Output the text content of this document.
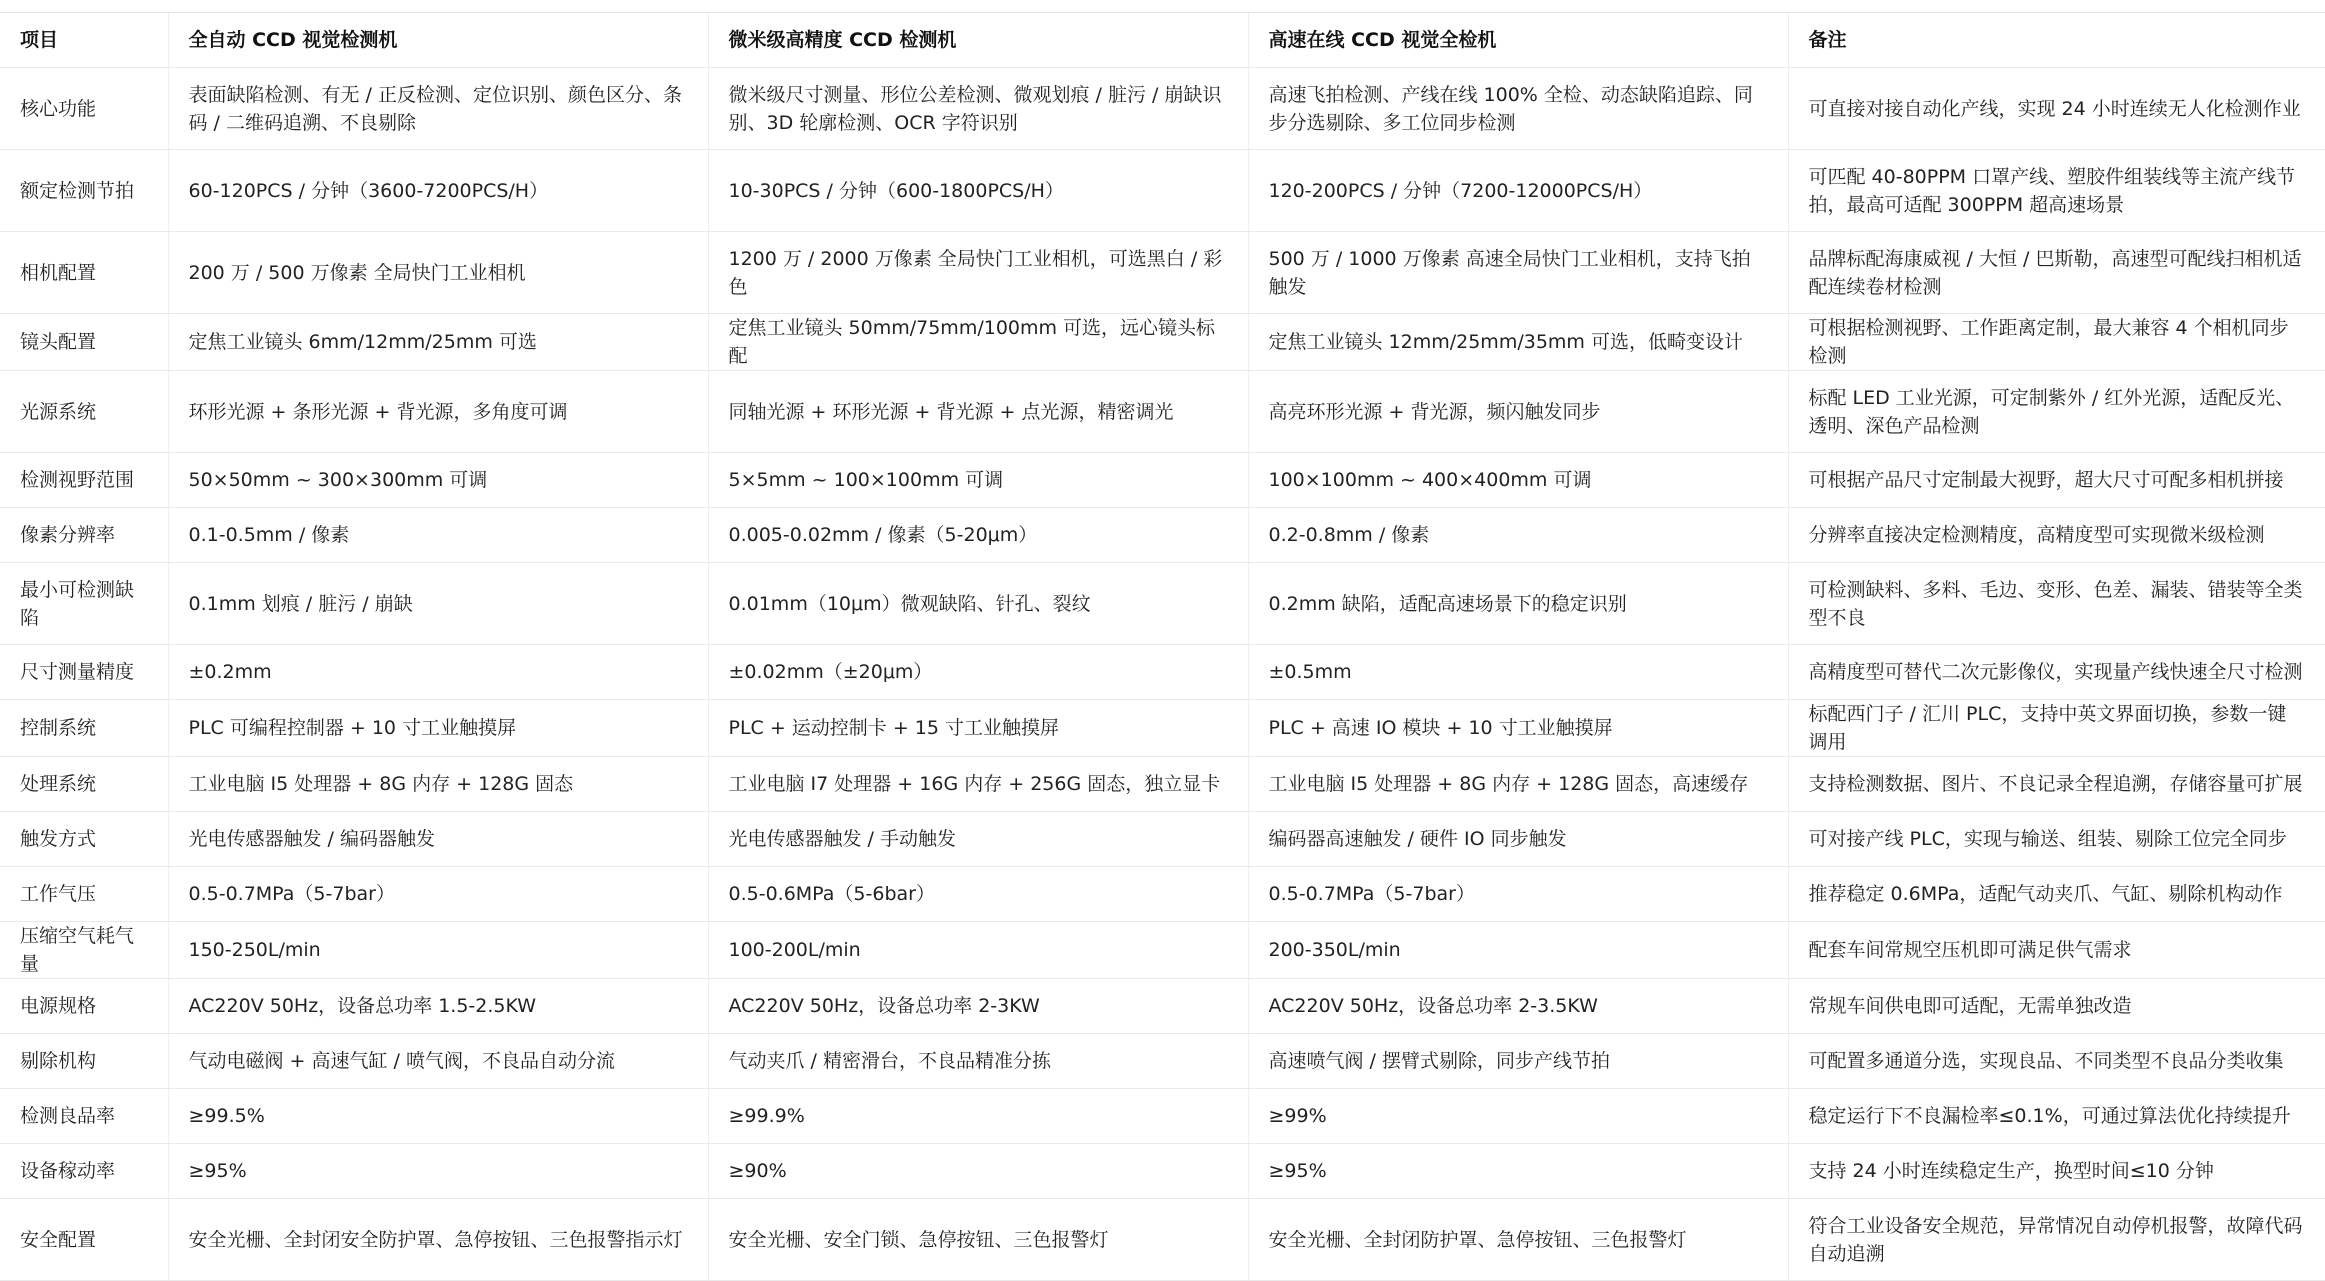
项目	全自动 CCD 视觉检测机	微米级高精度 CCD 检测机	高速在线 CCD 视觉全检机	备注
核心功能	表面缺陷检测、有无 / 正反检测、定位识别、颜色区分、条码 / 二维码追溯、不良剔除	微米级尺寸测量、形位公差检测、微观划痕 / 脏污 / 崩缺识别、3D 轮廓检测、OCR 字符识别	高速飞拍检测、产线在线 100% 全检、动态缺陷追踪、同步分选剔除、多工位同步检测	可直接对接自动化产线，实现 24 小时连续无人化检测作业
额定检测节拍	60-120PCS / 分钟（3600-7200PCS/H）	10-30PCS / 分钟（600-1800PCS/H）	120-200PCS / 分钟（7200-12000PCS/H）	可匹配 40-80PPM 口罩产线、塑胶件组装线等主流产线节拍，最高可适配 300PPM 超高速场景
相机配置	200 万 / 500 万像素 全局快门工业相机	1200 万 / 2000 万像素 全局快门工业相机，可选黑白 / 彩色	500 万 / 1000 万像素 高速全局快门工业相机，支持飞拍触发	品牌标配海康威视 / 大恒 / 巴斯勒，高速型可配线扫相机适配连续卷材检测
镜头配置	定焦工业镜头 6mm/12mm/25mm 可选	定焦工业镜头 50mm/75mm/100mm 可选，远心镜头标配	定焦工业镜头 12mm/25mm/35mm 可选，低畸变设计	可根据检测视野、工作距离定制，最大兼容 4 个相机同步检测
光源系统	环形光源 + 条形光源 + 背光源，多角度可调	同轴光源 + 环形光源 + 背光源 + 点光源，精密调光	高亮环形光源 + 背光源，频闪触发同步	标配 LED 工业光源，可定制紫外 / 红外光源，适配反光、透明、深色产品检测
检测视野范围	50×50mm ~ 300×300mm 可调	5×5mm ~ 100×100mm 可调	100×100mm ~ 400×400mm 可调	可根据产品尺寸定制最大视野，超大尺寸可配多相机拼接
像素分辨率	0.1-0.5mm / 像素	0.005-0.02mm / 像素（5-20μm）	0.2-0.8mm / 像素	分辨率直接决定检测精度，高精度型可实现微米级检测
最小可检测缺陷	0.1mm 划痕 / 脏污 / 崩缺	0.01mm（10μm）微观缺陷、针孔、裂纹	0.2mm 缺陷，适配高速场景下的稳定识别	可检测缺料、多料、毛边、变形、色差、漏装、错装等全类型不良
尺寸测量精度	±0.2mm	±0.02mm（±20μm）	±0.5mm	高精度型可替代二次元影像仪，实现量产线快速全尺寸检测
控制系统	PLC 可编程控制器 + 10 寸工业触摸屏	PLC + 运动控制卡 + 15 寸工业触摸屏	PLC + 高速 IO 模块 + 10 寸工业触摸屏	标配西门子 / 汇川 PLC，支持中英文界面切换，参数一键调用
处理系统	工业电脑 I5 处理器 + 8G 内存 + 128G 固态	工业电脑 I7 处理器 + 16G 内存 + 256G 固态，独立显卡	工业电脑 I5 处理器 + 8G 内存 + 128G 固态，高速缓存	支持检测数据、图片、不良记录全程追溯，存储容量可扩展
触发方式	光电传感器触发 / 编码器触发	光电传感器触发 / 手动触发	编码器高速触发 / 硬件 IO 同步触发	可对接产线 PLC，实现与输送、组装、剔除工位完全同步
工作气压	0.5-0.7MPa（5-7bar）	0.5-0.6MPa（5-6bar）	0.5-0.7MPa（5-7bar）	推荐稳定 0.6MPa，适配气动夹爪、气缸、剔除机构动作
压缩空气耗气量	150-250L/min	100-200L/min	200-350L/min	配套车间常规空压机即可满足供气需求
电源规格	AC220V 50Hz，设备总功率 1.5-2.5KW	AC220V 50Hz，设备总功率 2-3KW	AC220V 50Hz，设备总功率 2-3.5KW	常规车间供电即可适配，无需单独改造
剔除机构	气动电磁阀 + 高速气缸 / 喷气阀，不良品自动分流	气动夹爪 / 精密滑台，不良品精准分拣	高速喷气阀 / 摆臂式剔除，同步产线节拍	可配置多通道分选，实现良品、不同类型不良品分类收集
检测良品率	≥99.5%	≥99.9%	≥99%	稳定运行下不良漏检率≤0.1%，可通过算法优化持续提升
设备稼动率	≥95%	≥90%	≥95%	支持 24 小时连续稳定生产，换型时间≤10 分钟
安全配置	安全光栅、全封闭安全防护罩、急停按钮、三色报警指示灯	安全光栅、安全门锁、急停按钮、三色报警灯	安全光栅、全封闭防护罩、急停按钮、三色报警灯	符合工业设备安全规范，异常情况自动停机报警，故障代码自动追溯
